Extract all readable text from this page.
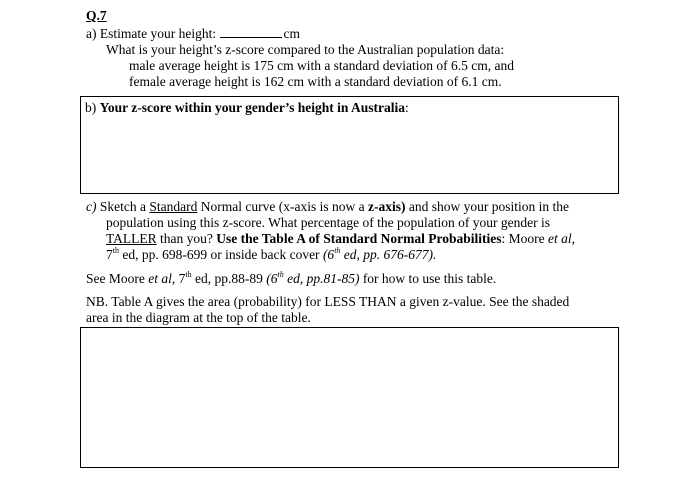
Q.7
a) Estimate your height:	cm
What is your height’s z-score compared to the Australian population data:
male average height is 175 cm with a standard deviation of 6.5 cm, and
female average height is 162 cm with a standard deviation of 6.1 cm.
b) Your z-score within your gender’s height in Australia:
c) Sketch a Standard Normal curve (x-axis is now a z-axis) and show your position in the
population using this z-score. What percentage of the population of your gender is
TALLER than you? Use the Table A of Standard Normal Probabilities: Moore et al,
7th ed, pp. 698-699 or inside back cover (6th ed, pp. 676-677).
See Moore et al, 7th ed, pp.88-89 (6th ed, pp.81-85) for how to use this table.
NB. Table A gives the area (probability) for LESS THAN a given z-value. See the shaded
area in the diagram at the top of the table.
